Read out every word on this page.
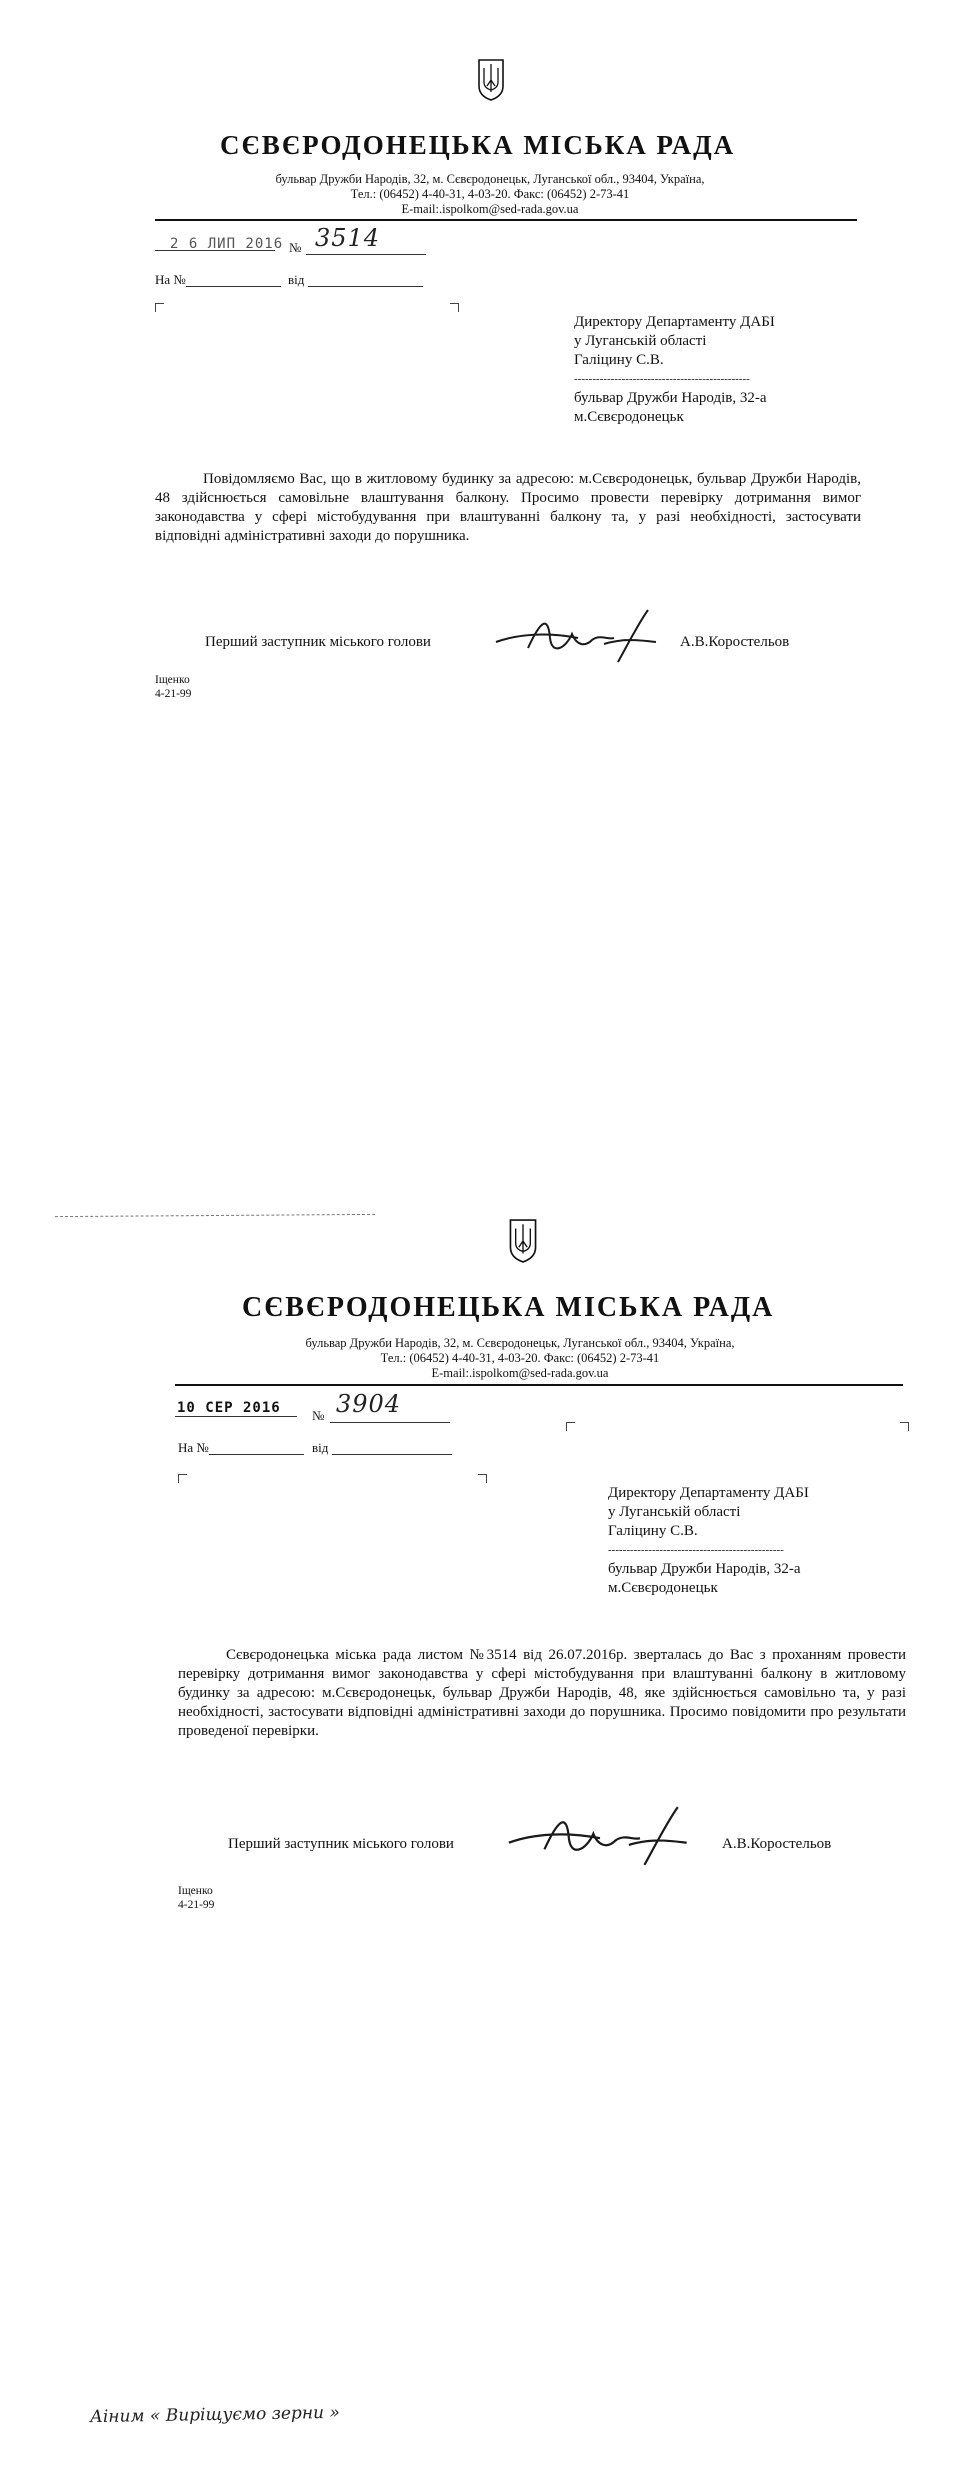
СЄВЄРОДОНЕЦЬКА МІСЬКА РАДА
бульвар Дружби Народів, 32, м. Сєвєродонецьк, Луганської обл., 93404, Україна,
Тел.: (06452) 4-40-31, 4-03-20. Факс: (06452) 2-73-41
E-mail:.ispolkom@sed-rada.gov.ua
2 6 ЛИП 2016 № 3514
На №	від
Директору Департаменту ДАБІ
у Луганській області
Галіцину С.В.
------------------------------------------------
бульвар Дружби Народів, 32-а
м.Сєвєродонецьк

Повідомляємо Вас, що в житловому будинку за адресою: м.Сєвєродонецьк, бульвар Дружби Народів, 48 здійснюється самовільне влаштування балкону. Просимо провести перевірку дотримання вимог законодавства у сфері містобудування при влаштуванні балкону та, у разі необхідності, застосувати відповідні адміністративні заходи до порушника.

Перший заступник міського голови	А.В.Коростельов
Іщенко
4-21-99
СЄВЄРОДОНЕЦЬКА МІСЬКА РАДА
бульвар Дружби Народів, 32, м. Сєвєродонецьк, Луганської обл., 93404, Україна,
Тел.: (06452) 4-40-31, 4-03-20. Факс: (06452) 2-73-41
E-mail:.ispolkom@sed-rada.gov.ua
10 CEP 2016 № 3904
На №	від
Директору Департаменту ДАБІ
у Луганській області
Галіцину С.В.
------------------------------------------------
бульвар Дружби Народів, 32-а
м.Сєвєродонецьк

Сєвєродонецька міська рада листом №3514 від 26.07.2016р. зверталась до Вас з проханням провести перевірку дотримання вимог законодавства у сфері містобудування при влаштуванні балкону в житловому будинку за адресою: м.Сєвєродонецьк, бульвар Дружби Народів, 48, яке здійснюється самовільно та, у разі необхідності, застосувати відповідні адміністративні заходи до порушника. Просимо повідомити про результати проведеної перевірки.

Перший заступник міського голови	А.В.Коростельов
Іщенко
4-21-99
Аіним « Виріщуємо зерни »
